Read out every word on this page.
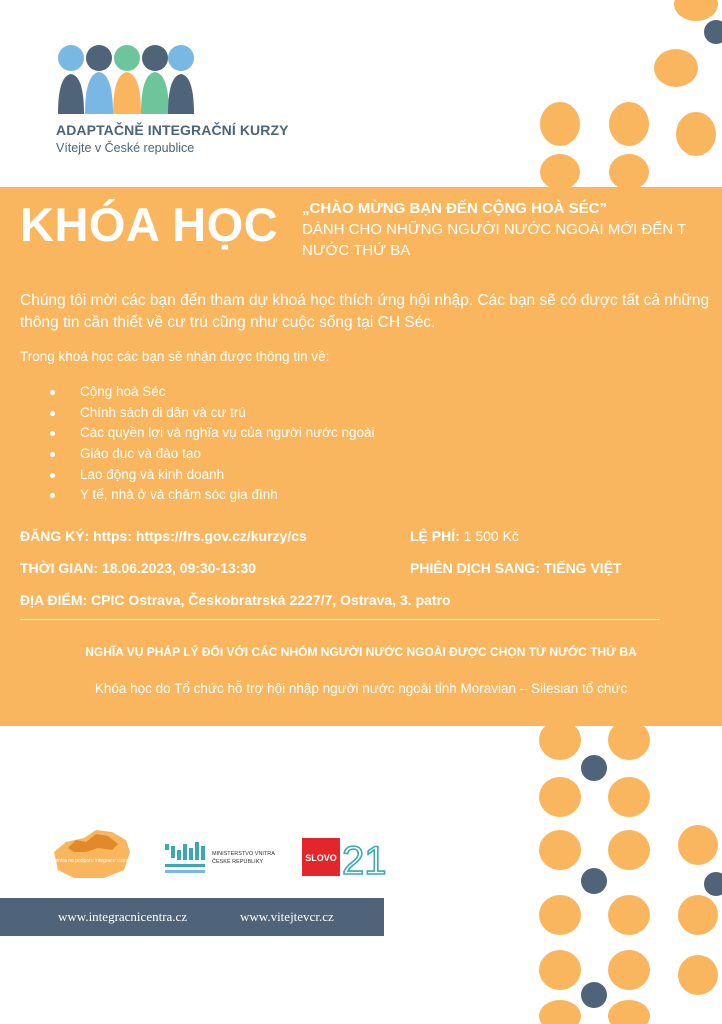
ADAPTAČNĚ INTEGRAČNÍ KURZY
Vítejte v České republice
KHÓA HỌC „CHÀO MỪNG BẠN ĐẾN CỘNG HOÀ SÉC”
DÀNH CHO NHỮNG NGƯỜI NƯỚC NGOÀI MỚI ĐẾN T
NƯỚC THỨ BA
Chúng tôi mời các bạn đến tham dự khoá học thích ứng hội nhập. Các bạn sẽ có được tất cả những thông tin cần thiết về cư trú cũng như cuộc sống tại CH Séc.
Trong khoá học các bạn sẽ nhận được thông tin về:
Cộng hoà Séc
Chính sách di dân và cư trú
Các quyền lợi và nghĩa vụ của người nước ngoài
Giáo dục và đào tạo
Lao động và kinh doanh
Y tế, nhà ở và chăm sóc gia đình
ĐĂNG KÝ: https: https://frs.gov.cz/kurzy/cs	LỆ PHÍ: 1 500 Kč
THỜI GIAN: 18.06.2023, 09:30-13:30	PHIÊN DỊCH SANG: TIẾNG VIỆT
ĐỊA ĐIỂM: CPIC Ostrava, Českobratrská 2227/7, Ostrava, 3. patro
NGHĨA VỤ PHÁP LÝ ĐỐI VỚI CÁC NHÓM NGƯỜI NƯỚC NGOÀI ĐƯỢC CHỌN TỪ NƯỚC THỨ BA
Khóa học do Tổ chức hỗ trợ hội nhập người nước ngoài tỉnh Moravian – Silesian tổ chức
Centra na podporu integrace cizinců
MINISTERSTVO VNITRA
ČESKÉ REPUBLIKY	SLOVO 21
www.integracnicentra.cz	www.vitejtevcr.cz
